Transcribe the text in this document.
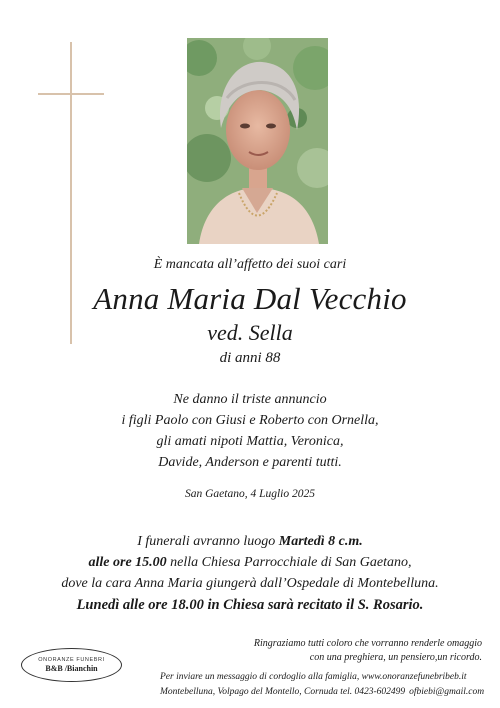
È mancata all’affetto dei suoi cari
Anna Maria Dal Vecchio
ved. Sella
di anni 88
Ne danno il triste annuncio
i figli Paolo con Giusi e Roberto con Ornella,
gli amati nipoti Mattia, Veronica,
Davide, Anderson e parenti tutti.
San Gaetano, 4 Luglio 2025
I funerali avranno luogo Martedì 8 c.m.
alle ore 15.00 nella Chiesa Parrocchiale di San Gaetano,
dove la cara Anna Maria giungerà dall’Ospedale di Montebelluna.
Lunedì alle ore 18.00 in Chiesa sarà recitato il S. Rosario.
Ringraziamo tutti coloro che vorranno renderle omaggio
con una preghiera, un pensiero,un ricordo.
ONORANZE FUNEBRI
B&B /Bianchin
Per inviare un messaggio di cordoglio alla famiglia, www.onoranzefunebribeb.it
Montebelluna, Volpago del Montello, Cornuda tel. 0423-602499 ofbiebi@gmail.com
